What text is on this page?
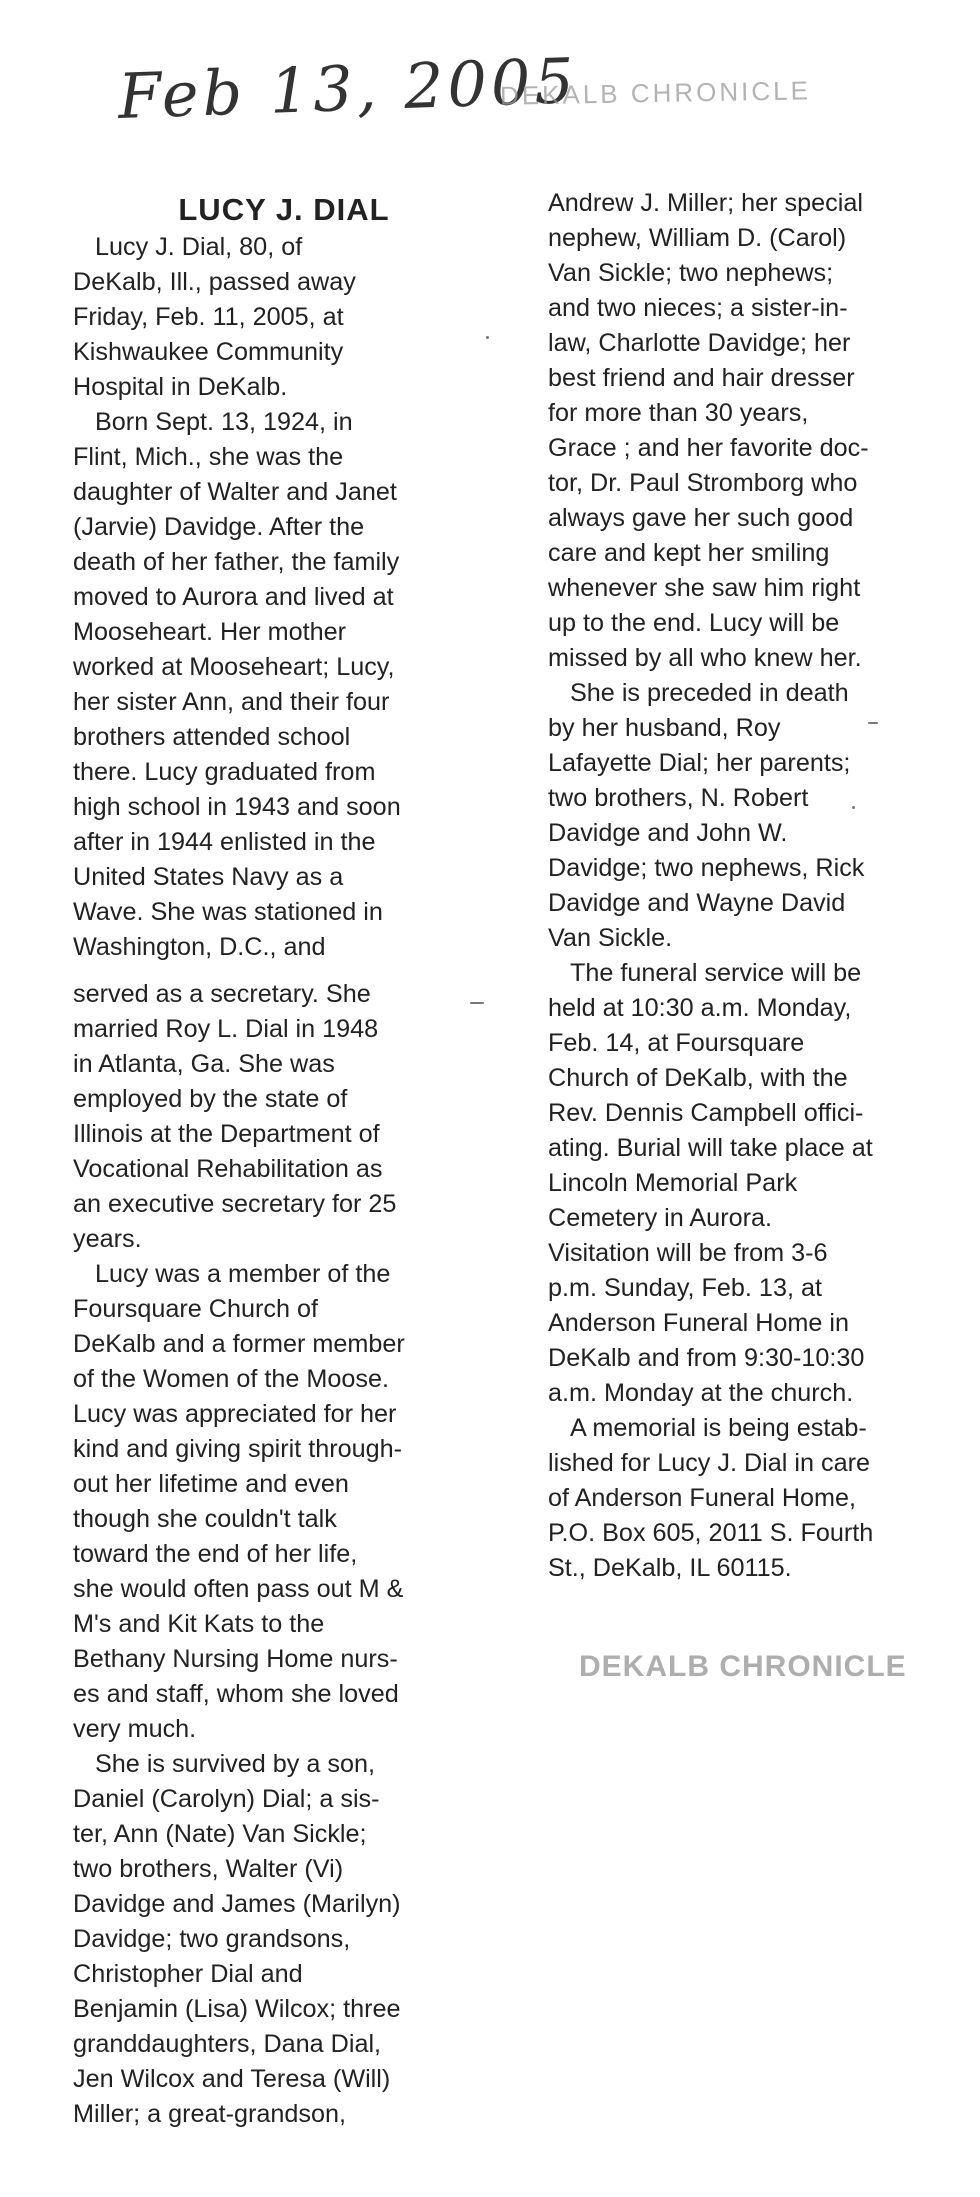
Feb 13, 2005
DEKALB CHRONICLE
LUCY J. DIAL
Lucy J. Dial, 80, of
DeKalb, Ill., passed away
Friday, Feb. 11, 2005, at
Kishwaukee Community
Hospital in DeKalb.
Born Sept. 13, 1924, in
Flint, Mich., she was the
daughter of Walter and Janet
(Jarvie) Davidge. After the
death of her father, the family
moved to Aurora and lived at
Mooseheart. Her mother
worked at Mooseheart; Lucy,
her sister Ann, and their four
brothers attended school
there. Lucy graduated from
high school in 1943 and soon
after in 1944 enlisted in the
United States Navy as a
Wave. She was stationed in
Washington, D.C., and
served as a secretary. She
married Roy L. Dial in 1948
in Atlanta, Ga. She was
employed by the state of
Illinois at the Department of
Vocational Rehabilitation as
an executive secretary for 25
years.
Lucy was a member of the
Foursquare Church of
DeKalb and a former member
of the Women of the Moose.
Lucy was appreciated for her
kind and giving spirit through-
out her lifetime and even
though she couldn't talk
toward the end of her life,
she would often pass out M &
M's and Kit Kats to the
Bethany Nursing Home nurs-
es and staff, whom she loved
very much.
She is survived by a son,
Daniel (Carolyn) Dial; a sis-
ter, Ann (Nate) Van Sickle;
two brothers, Walter (Vi)
Davidge and James (Marilyn)
Davidge; two grandsons,
Christopher Dial and
Benjamin (Lisa) Wilcox; three
granddaughters, Dana Dial,
Jen Wilcox and Teresa (Will)
Miller; a great-grandson,
Andrew J. Miller; her special
nephew, William D. (Carol)
Van Sickle; two nephews;
and two nieces; a sister-in-
law, Charlotte Davidge; her
best friend and hair dresser
for more than 30 years,
Grace ; and her favorite doc-
tor, Dr. Paul Stromborg who
always gave her such good
care and kept her smiling
whenever she saw him right
up to the end. Lucy will be
missed by all who knew her.
She is preceded in death
by her husband, Roy
Lafayette Dial; her parents;
two brothers, N. Robert
Davidge and John W.
Davidge; two nephews, Rick
Davidge and Wayne David
Van Sickle.
The funeral service will be
held at 10:30 a.m. Monday,
Feb. 14, at Foursquare
Church of DeKalb, with the
Rev. Dennis Campbell offici-
ating. Burial will take place at
Lincoln Memorial Park
Cemetery in Aurora.
Visitation will be from 3-6
p.m. Sunday, Feb. 13, at
Anderson Funeral Home in
DeKalb and from 9:30-10:30
a.m. Monday at the church.
A memorial is being estab-
lished for Lucy J. Dial in care
of Anderson Funeral Home,
P.O. Box 605, 2011 S. Fourth
St., DeKalb, IL 60115.
DEKALB CHRONICLE
